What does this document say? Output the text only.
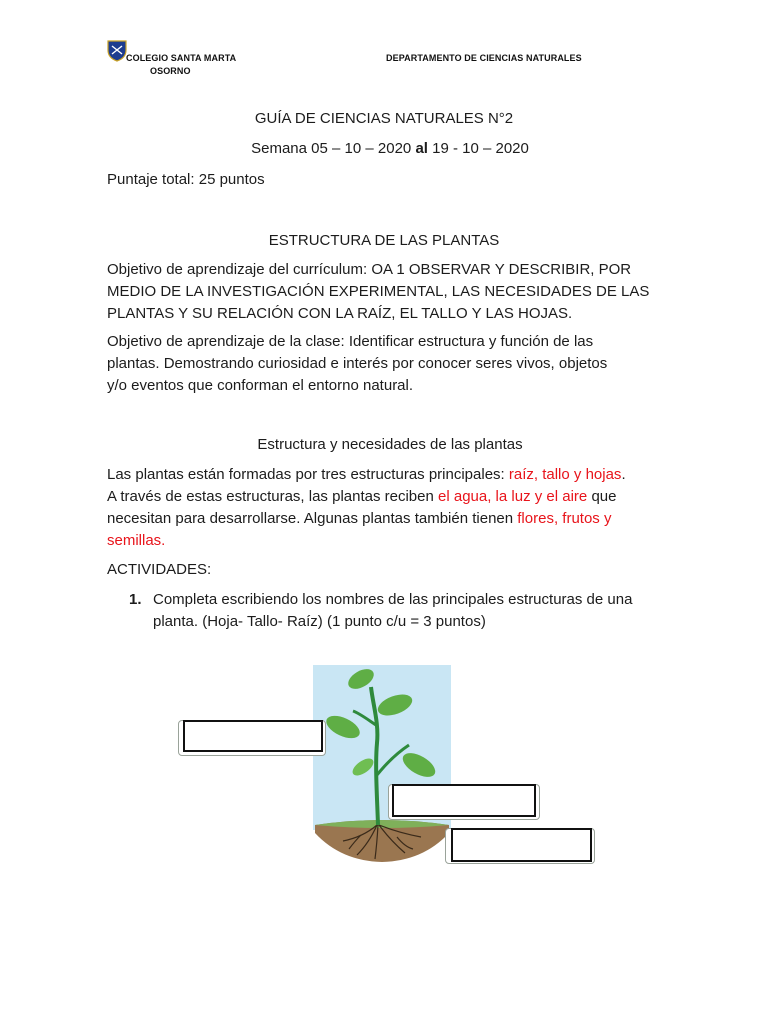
COLEGIO SANTA MARTA
OSORNO
DEPARTAMENTO DE CIENCIAS NATURALES
GUÍA DE CIENCIAS NATURALES N°2
Semana 05 – 10 – 2020 al 19 - 10 – 2020
Puntaje total: 25 puntos
ESTRUCTURA DE LAS PLANTAS
Objetivo de aprendizaje del currículum: OA 1 OBSERVAR Y DESCRIBIR, POR
MEDIO DE LA INVESTIGACIÓN EXPERIMENTAL, LAS NECESIDADES DE LAS
PLANTAS Y SU RELACIÓN CON LA RAÍZ, EL TALLO Y LAS HOJAS.
Objetivo de aprendizaje de la clase: Identificar estructura y función de las
plantas. Demostrando curiosidad e interés por conocer seres vivos, objetos
y/o eventos que conforman el entorno natural.
Estructura y necesidades de las plantas
Las plantas están formadas por tres estructuras principales: raíz, tallo y hojas.
A través de estas estructuras, las plantas reciben el agua, la luz y el aire que
necesitan para desarrollarse. Algunas plantas también tienen flores, frutos y
semillas.
ACTIVIDADES:
1. Completa escribiendo los nombres de las principales estructuras de una
planta. (Hoja- Tallo- Raíz) (1 punto c/u = 3 puntos)
